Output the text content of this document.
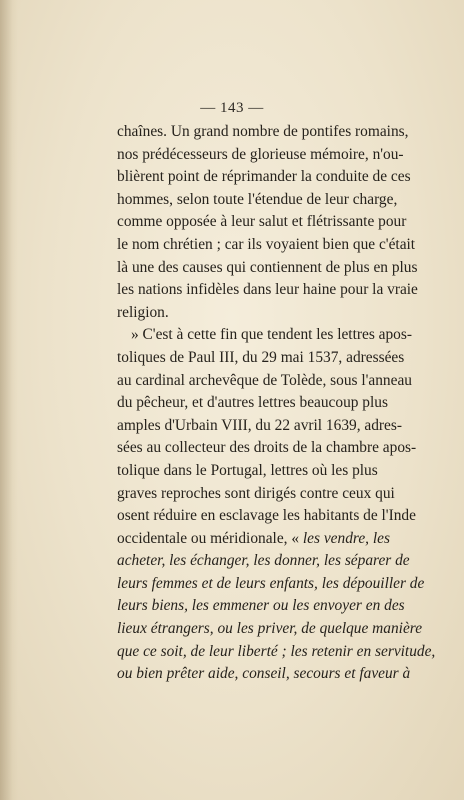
— 143 —
chaînes. Un grand nombre de pontifes romains,
nos prédécesseurs de glorieuse mémoire, n'ou-
blièrent point de réprimander la conduite de ces
hommes, selon toute l'étendue de leur charge,
comme opposée à leur salut et flétrissante pour
le nom chrétien ; car ils voyaient bien que c'était
là une des causes qui contiennent de plus en plus
les nations infidèles dans leur haine pour la vraie
religion.
» C'est à cette fin que tendent les lettres apos-
toliques de Paul III, du 29 mai 1537, adressées
au cardinal archevêque de Tolède, sous l'anneau
du pêcheur, et d'autres lettres beaucoup plus
amples d'Urbain VIII, du 22 avril 1639, adres-
sées au collecteur des droits de la chambre apos-
tolique dans le Portugal, lettres où les plus
graves reproches sont dirigés contre ceux qui
osent réduire en esclavage les habitants de l'Inde
occidentale ou méridionale, « les vendre, les
acheter, les échanger, les donner, les séparer de
leurs femmes et de leurs enfants, les dépouiller de
leurs biens, les emmener ou les envoyer en des
lieux étrangers, ou les priver, de quelque manière
que ce soit, de leur liberté ; les retenir en servitude,
ou bien prêter aide, conseil, secours et faveur à
